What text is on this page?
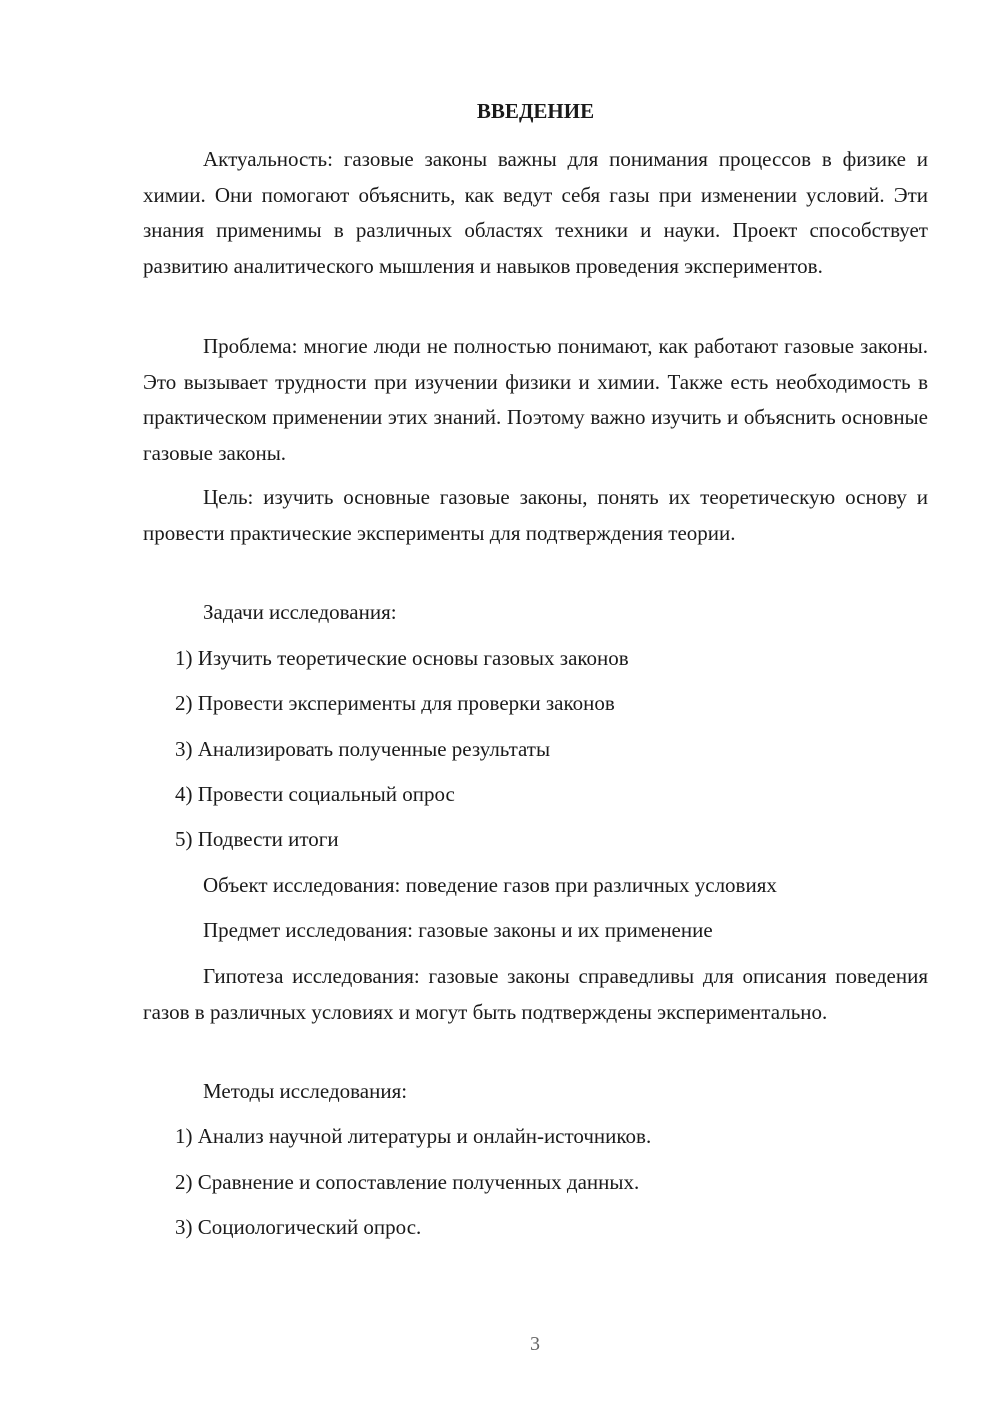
ВВЕДЕНИЕ

Актуальность: газовые законы важны для понимания процессов в физике и химии. Они помогают объяснить, как ведут себя газы при изменении условий. Эти знания применимы в различных областях техники и науки. Проект способствует развитию аналитического мышления и навыков проведения экспериментов.

Проблема: многие люди не полностью понимают, как работают газовые законы. Это вызывает трудности при изучении физики и химии. Также есть необходимость в практическом применении этих знаний. Поэтому важно изучить и объяснить основные газовые законы.

Цель: изучить основные газовые законы, понять их теоретическую основу и провести практические эксперименты для подтверждения теории.

Задачи исследования:

1) Изучить теоретические основы газовых законов

2) Провести эксперименты для проверки законов

3) Анализировать полученные результаты

4) Провести социальный опрос

5) Подвести итоги

Объект исследования: поведение газов при различных условиях

Предмет исследования: газовые законы и их применение

Гипотеза исследования: газовые законы справедливы для описания поведения газов в различных условиях и могут быть подтверждены экспериментально.

Методы исследования:

1) Анализ научной литературы и онлайн-источников.

2) Сравнение и сопоставление полученных данных.

3) Социологический опрос.

3
